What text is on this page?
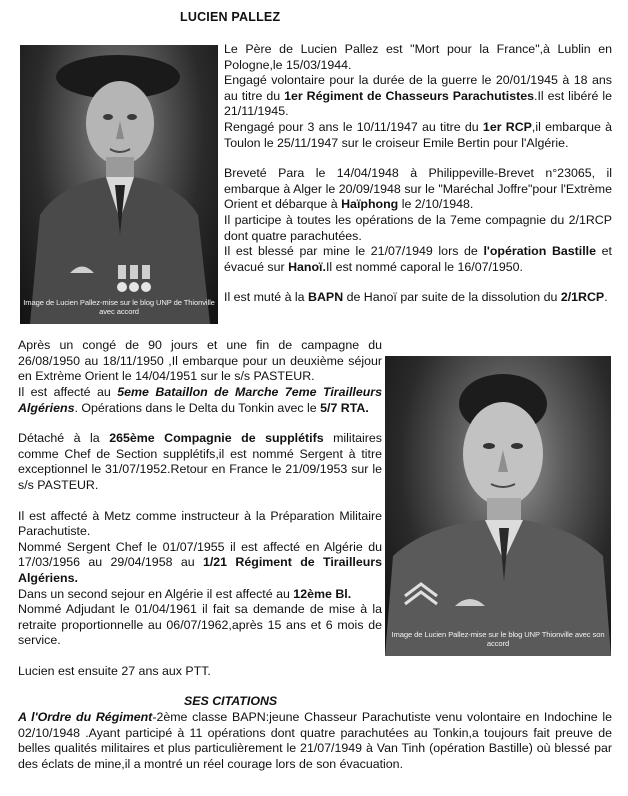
LUCIEN PALLEZ
Image de Lucien Pallez-mise sur le blog UNP de Thionville avec accord
Image de Lucien Pallez-mise sur le blog UNP Thionville avec son accord

Le Père de Lucien Pallez est "Mort pour la France",à Lublin en Pologne,le 15/03/1944.

Engagé volontaire pour la durée de la guerre le 20/01/1945 à 18 ans au titre du 1er Régiment de Chasseurs Parachutistes.Il est libéré le 21/11/1945.

Rengagé pour 3 ans le 10/11/1947 au titre du 1er RCP,il embarque à Toulon le 25/11/1947 sur le croiseur Emile Bertin pour l'Algérie.

Breveté Para le 14/04/1948 à Philippeville-Brevet n°23065, il embarque à Alger le 20/09/1948 sur le "Maréchal Joffre"pour l'Extrème Orient et débarque à Haïphong le 2/10/1948.

Il participe à toutes les opérations de la 7eme compagnie du 2/1RCP dont quatre parachutées.

Il est blessé par mine le 21/07/1949 lors de l'opération Bastille et évacué sur Hanoï.Il est nommé caporal le 16/07/1950.

Il est muté à la BAPN de Hanoï par suite de la dissolution du 2/1RCP.

Après un congé de 90 jours et une fin de campagne du 26/08/1950 au 18/11/1950 ,Il embarque pour un deuxième séjour en Extrème Orient le 14/04/1951 sur le s/s PASTEUR.

Il est affecté au 5eme Bataillon de Marche 7eme Tirailleurs Algériens. Opérations dans le Delta du Tonkin avec le 5/7 RTA.

Détaché à la 265ème Compagnie de supplétifs militaires comme Chef de Section supplétifs,il est nommé Sergent à titre exceptionnel le 31/07/1952.Retour en France le 21/09/1953 sur le s/s PASTEUR.

Il est affecté à Metz comme instructeur à la Préparation Militaire Parachutiste.

Nommé Sergent Chef le 01/07/1955 il est affecté en Algérie du 17/03/1956 au 29/04/1958 au 1/21 Régiment de Tirailleurs Algériens.

Dans un second sejour en Algérie il est affecté au 12ème Bl.

Nommé Adjudant le 01/04/1961 il fait sa demande de mise à la retraite proportionnelle au 06/07/1962,après 15 ans et 6 mois de service.

Lucien est ensuite 27 ans aux PTT.

SES CITATIONS

A l'Ordre du Régiment-2ème classe BAPN:jeune Chasseur Parachutiste venu volontaire en Indochine le 02/10/1948 .Ayant participé à 11 opérations dont quatre parachutées au Tonkin,a toujours fait preuve de belles qualités militaires et plus particulièrement le 21/07/1949 à Van Tinh (opération Bastille) où blessé par des éclats de mine,il a montré un réel courage lors de son évacuation.
